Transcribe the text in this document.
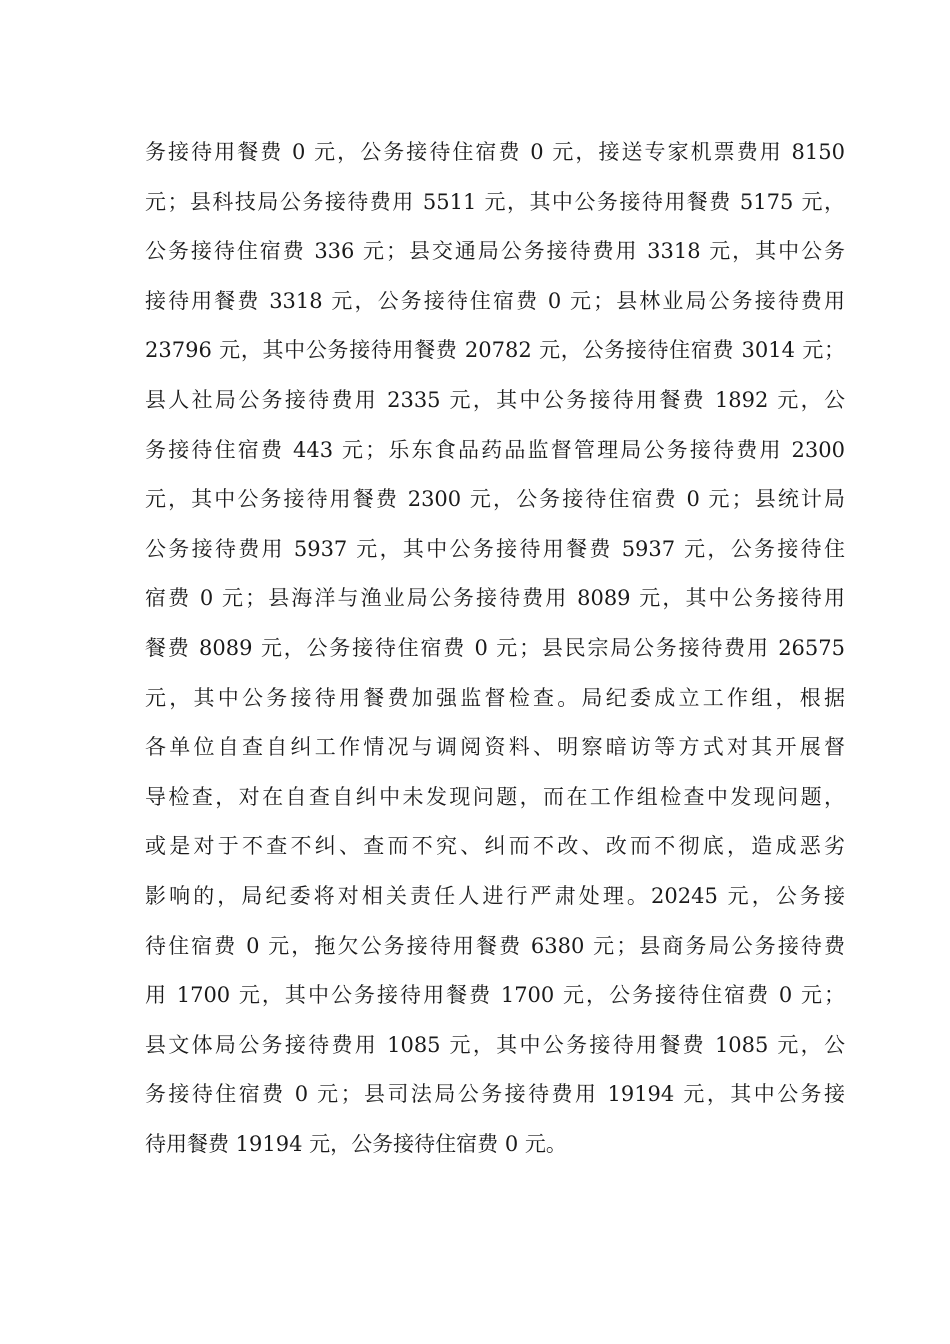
务接待用餐费 0 元，公务接待住宿费 0 元，接送专家机票费用 8150
元；县科技局公务接待费用 5511 元，其中公务接待用餐费 5175 元，
公务接待住宿费 336 元；县交通局公务接待费用 3318 元，其中公务
接待用餐费 3318 元，公务接待住宿费 0 元；县林业局公务接待费用
23796 元，其中公务接待用餐费 20782 元，公务接待住宿费 3014 元；
县人社局公务接待费用 2335 元，其中公务接待用餐费 1892 元，公
务接待住宿费 443 元；乐东食品药品监督管理局公务接待费用 2300
元，其中公务接待用餐费 2300 元，公务接待住宿费 0 元；县统计局
公务接待费用 5937 元，其中公务接待用餐费 5937 元，公务接待住
宿费 0 元；县海洋与渔业局公务接待费用 8089 元，其中公务接待用
餐费 8089 元，公务接待住宿费 0 元；县民宗局公务接待费用 26575
元，其中公务接待用餐费加强监督检查。局纪委成立工作组，根据
各单位自查自纠工作情况与调阅资料、明察暗访等方式对其开展督
导检查，对在自查自纠中未发现问题，而在工作组检查中发现问题，
或是对于不查不纠、查而不究、纠而不改、改而不彻底，造成恶劣
影响的，局纪委将对相关责任人进行严肃处理。20245 元，公务接
待住宿费 0 元，拖欠公务接待用餐费 6380 元；县商务局公务接待费
用 1700 元，其中公务接待用餐费 1700 元，公务接待住宿费 0 元；
县文体局公务接待费用 1085 元，其中公务接待用餐费 1085 元，公
务接待住宿费 0 元；县司法局公务接待费用 19194 元，其中公务接
待用餐费 19194 元，公务接待住宿费 0 元。
